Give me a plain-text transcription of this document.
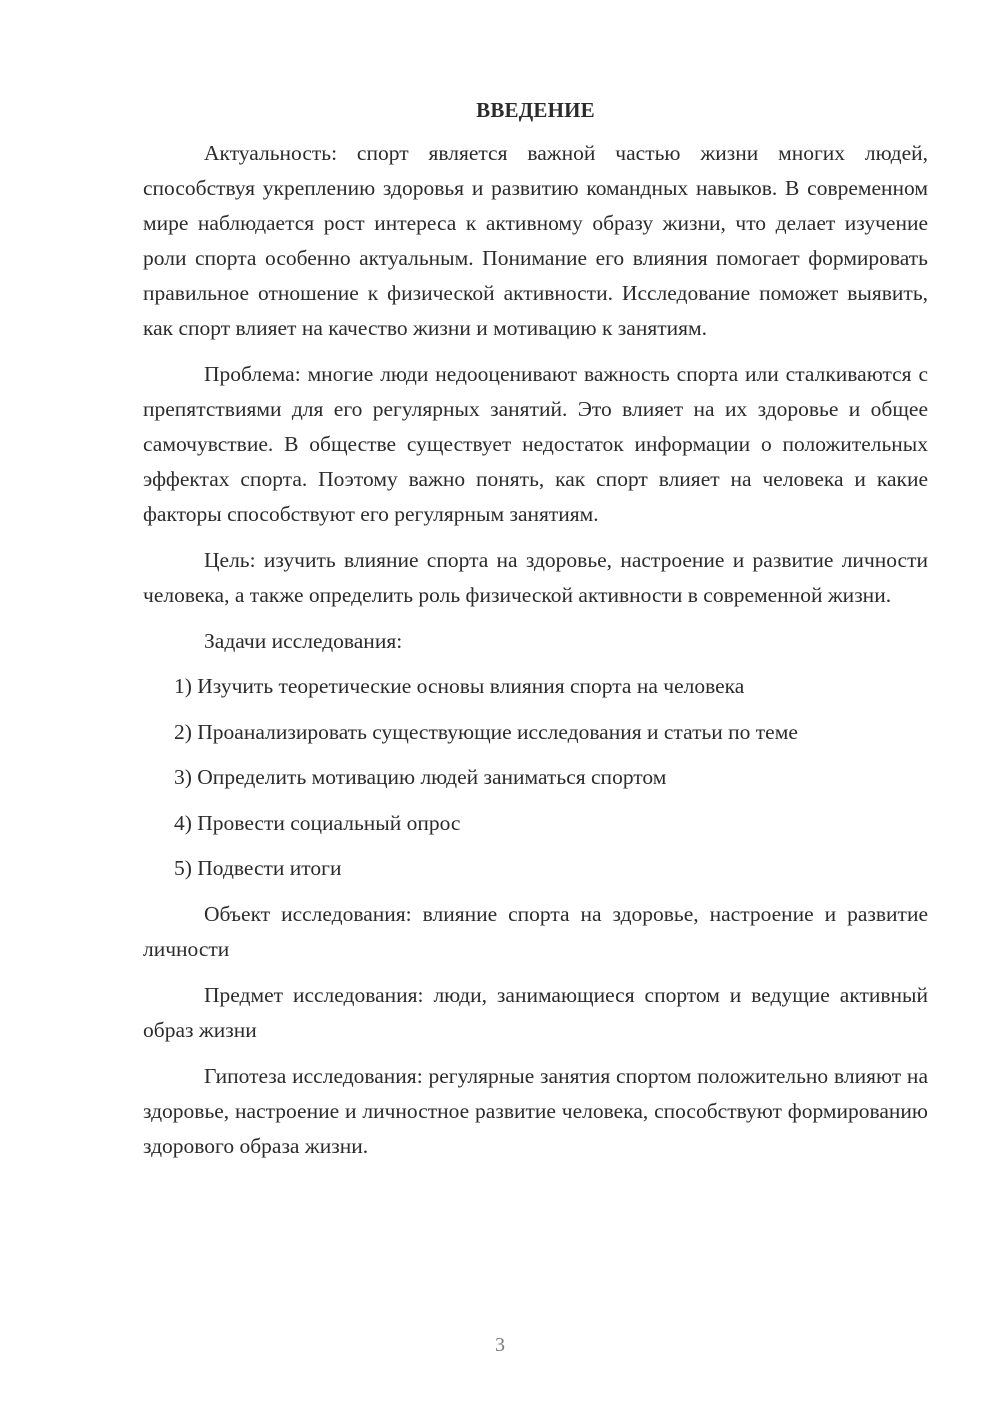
ВВЕДЕНИЕ

Актуальность: спорт является важной частью жизни многих людей, способствуя укреплению здоровья и развитию командных навыков. В современном мире наблюдается рост интереса к активному образу жизни, что делает изучение роли спорта особенно актуальным. Понимание его влияния помогает формировать правильное отношение к физической активности. Исследование поможет выявить, как спорт влияет на качество жизни и мотивацию к занятиям.

Проблема: многие люди недооценивают важность спорта или сталкиваются с препятствиями для его регулярных занятий. Это влияет на их здоровье и общее самочувствие. В обществе существует недостаток информации о положительных эффектах спорта. Поэтому важно понять, как спорт влияет на человека и какие факторы способствуют его регулярным занятиям.

Цель: изучить влияние спорта на здоровье, настроение и развитие личности человека, а также определить роль физической активности в современной жизни.

Задачи исследования:

1) Изучить теоретические основы влияния спорта на человека
2) Проанализировать существующие исследования и статьи по теме
3) Определить мотивацию людей заниматься спортом
4) Провести социальный опрос
5) Подвести итоги

Объект исследования: влияние спорта на здоровье, настроение и развитие личности

Предмет исследования: люди, занимающиеся спортом и ведущие активный образ жизни

Гипотеза исследования: регулярные занятия спортом положительно влияют на здоровье, настроение и личностное развитие человека, способствуют формированию здорового образа жизни.

3
